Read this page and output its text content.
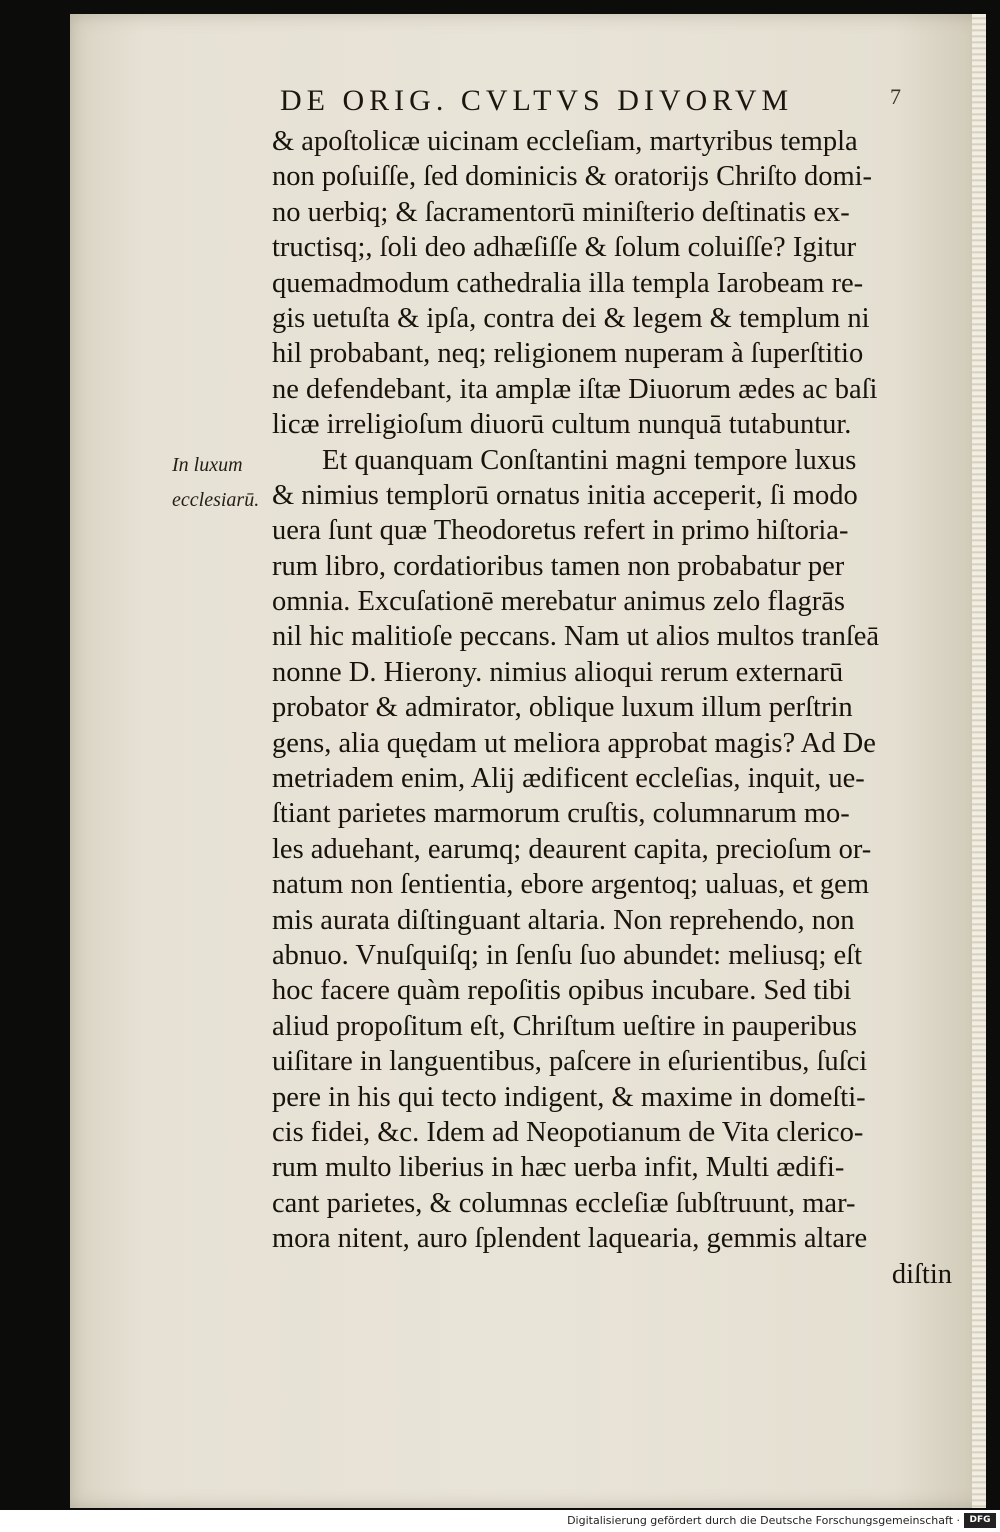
DE ORIG. CVLTVS DIVORVM	7
In luxum
ecclesiarū.
& apoſtolicæ uicinam eccleſiam, martyribus templa
non poſuiſſe, ſed dominicis & oratorijs Chriſto domi-
no uerbiq; & ſacramentorū miniſterio deſtinatis ex-
tructisq;, ſoli deo adhæſiſſe & ſolum coluiſſe? Igitur
quemadmodum cathedralia illa templa Iarobeam re-
gis uetuſta & ipſa, contra dei & legem & templum ni
hil probabant, neq; religionem nuperam à ſuperſtitio
ne defendebant, ita amplæ iſtæ Diuorum ædes ac baſi
licæ irreligioſum diuorū cultum nunquā tutabuntur.
Et quanquam Conſtantini magni tempore luxus
& nimius templorū ornatus initia acceperit, ſi modo
uera ſunt quæ Theodoretus refert in primo hiſtoria-
rum libro, cordatioribus tamen non probabatur per
omnia. Excuſationē merebatur animus zelo flagrās
nil hic malitioſe peccans. Nam ut alios multos tranſeā
nonne D. Hierony. nimius alioqui rerum externarū
probator & admirator, oblique luxum illum perſtrin
gens, alia quędam ut meliora approbat magis? Ad De
metriadem enim, Alij ædificent eccleſias, inquit, ue-
ſtiant parietes marmorum cruſtis, columnarum mo-
les aduehant, earumq; deaurent capita, precioſum or-
natum non ſentientia, ebore argentoq; ualuas, et gem
mis aurata diſtinguant altaria. Non reprehendo, non
abnuo. Vnuſquiſq; in ſenſu ſuo abundet: meliusq; eſt
hoc facere quàm repoſitis opibus incubare. Sed tibi
aliud propoſitum eſt, Chriſtum ueſtire in pauperibus
uiſitare in languentibus, paſcere in eſurientibus, ſuſci
pere in his qui tecto indigent, & maxime in domeſti-
cis fidei, &c. Idem ad Neopotianum de Vita clerico-
rum multo liberius in hæc uerba infit, Multi ædifi-
cant parietes, & columnas eccleſiæ ſubſtruunt, mar-
mora nitent, auro ſplendent laquearia, gemmis altare
diſtin
Digitalisierung gefördert durch die Deutsche Forschungsgemeinschaft ·	DFG
